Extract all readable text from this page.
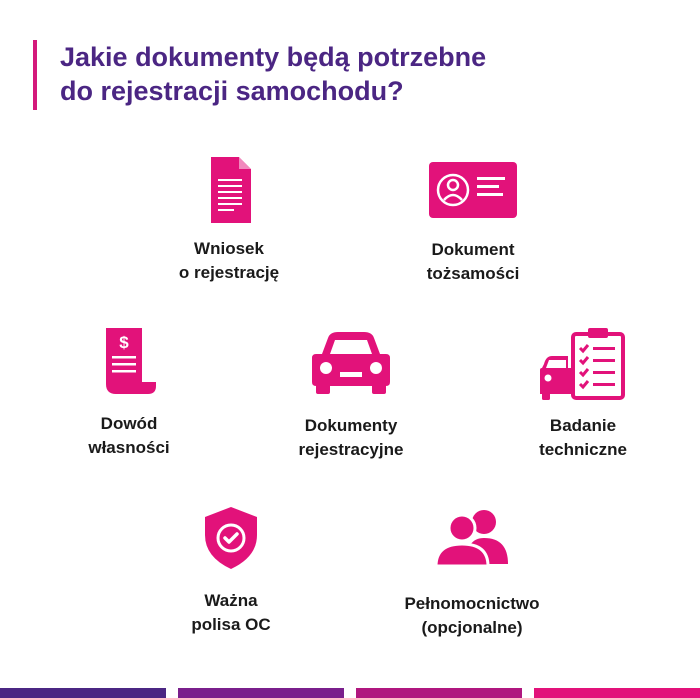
Jakie dokumenty będą potrzebne
do rejestracji samochodu?
Wniosek
o rejestrację
Dokument
tożsamości
$
Dowód
własności
Dokumenty
rejestracyjne
Badanie
techniczne
Ważna
polisa OC
Pełnomocnictwo
(opcjonalne)
